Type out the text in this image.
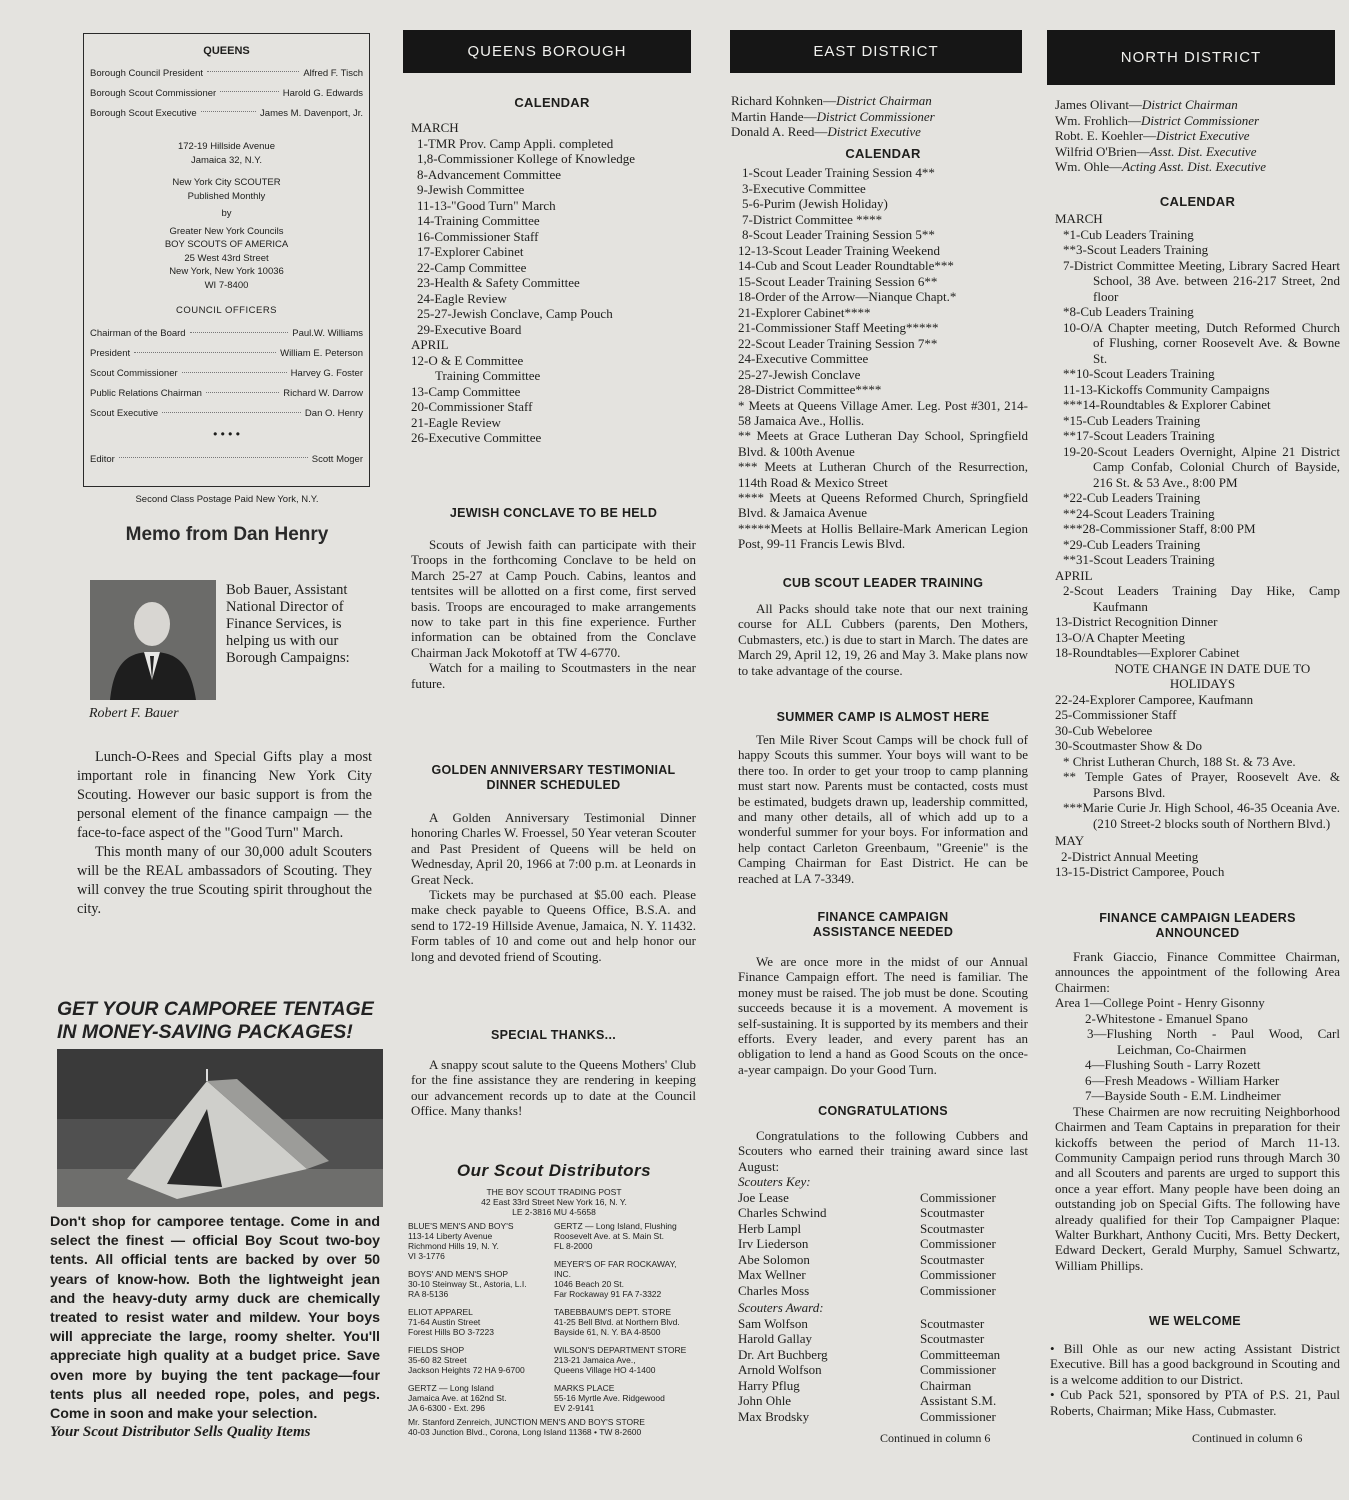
QUEENS
Borough Council President	Alfred F. Tisch
Borough Scout Commissioner	Harold G. Edwards
Borough Scout Executive	James M. Davenport, Jr.
172-19 Hillside Avenue
Jamaica 32, N.Y.
New York City SCOUTER
Published Monthly
by
Greater New York Councils
BOY SCOUTS OF AMERICA
25 West 43rd Street
New York, New York 10036
WI 7-8400
COUNCIL OFFICERS
Chairman of the Board	Paul.W. Williams
President	William E. Peterson
Scout Commissioner	Harvey G. Foster
Public Relations Chairman	Richard W. Darrow
Scout Executive	Dan O. Henry
• • • •
Editor	Scott Moger
Second Class Postage Paid New York, N.Y.
Memo from Dan Henry
Bob Bauer, Assistant National Director of Finance Services, is helping us with our Borough Campaigns:
Robert F. Bauer
Lunch-O-Rees and Special Gifts play a most important role in financing New York City Scouting. However our basic support is from the personal element of the finance campaign — the face-to-face aspect of the "Good Turn" March.
This month many of our 30,000 adult Scouters will be the REAL ambassadors of Scouting. They will convey the true Scouting spirit throughout the city.
GET YOUR CAMPOREE TENTAGE
IN MONEY-SAVING PACKAGES!
Don't shop for camporee tentage. Come in and select the finest — official Boy Scout two-boy tents. All official tents are backed by over 50 years of know-how. Both the lightweight jean and the heavy-duty army duck are chemically treated to resist water and mildew. Your boys will appreciate the large, roomy shelter. You'll appreciate high quality at a budget price. Save oven more by buying the tent package—four tents plus all needed rope, poles, and pegs. Come in soon and make your selection.
Your Scout Distributor Sells Quality Items
QUEENS BOROUGH
CALENDAR
MARCH
1-TMR Prov. Camp Appli. completed
1,8-Commissioner Kollege of Knowledge
8-Advancement Committee
9-Jewish Committee
11-13-"Good Turn" March
14-Training Committee
16-Commissioner Staff
17-Explorer Cabinet
22-Camp Committee
23-Health & Safety Committee
24-Eagle Review
25-27-Jewish Conclave, Camp Pouch
29-Executive Board
APRIL
12-O & E Committee
Training Committee
13-Camp Committee
20-Commissioner Staff
21-Eagle Review
26-Executive Committee
JEWISH CONCLAVE TO BE HELD
Scouts of Jewish faith can participate with their Troops in the forthcoming Conclave to be held on March 25-27 at Camp Pouch. Cabins, leantos and tentsites will be allotted on a first come, first served basis. Troops are encouraged to make arrangements now to take part in this fine experience. Further information can be obtained from the Conclave Chairman Jack Mokotoff at TW 4-6770.
Watch for a mailing to Scoutmasters in the near future.
GOLDEN ANNIVERSARY TESTIMONIAL
DINNER SCHEDULED
A Golden Anniversary Testimonial Dinner honoring Charles W. Froessel, 50 Year veteran Scouter and Past President of Queens will be held on Wednesday, April 20, 1966 at 7:00 p.m. at Leonards in Great Neck.
Tickets may be purchased at $5.00 each. Please make check payable to Queens Office, B.S.A. and send to 172-19 Hillside Avenue, Jamaica, N. Y. 11432. Form tables of 10 and come out and help honor our long and devoted friend of Scouting.
SPECIAL THANKS...
A snappy scout salute to the Queens Mothers' Club for the fine assistance they are rendering in keeping our advancement records up to date at the Council Office. Many thanks!
Our Scout Distributors
THE BOY SCOUT TRADING POST
42 East 33rd Street New York 16, N. Y.
LE 2-3816 MU 4-5658
BLUE'S MEN'S AND BOY'S
113-14 Liberty Avenue
Richmond Hills 19, N. Y.
VI 3-1776
BOYS' AND MEN'S SHOP
30-10 Steinway St., Astoria, L.I.
RA 8-5136
ELIOT APPAREL
71-64 Austin Street
Forest Hills BO 3-7223
FIELDS SHOP
35-60 82 Street
Jackson Heights 72 HA 9-6700
GERTZ — Long Island
Jamaica Ave. at 162nd St.
JA 6-6300 - Ext. 296
GERTZ — Long Island, Flushing
Roosevelt Ave. at S. Main St.
FL 8-2000
MEYER'S OF FAR ROCKAWAY,
INC.
1046 Beach 20 St.
Far Rockaway 91 FA 7-3322
TABEBBAUM'S DEPT. STORE
41-25 Bell Blvd. at Northern Blvd.
Bayside 61, N. Y. BA 4-8500
WILSON'S DEPARTMENT STORE
213-21 Jamaica Ave.,
Queens Village HO 4-1400
MARKS PLACE
55-16 Myrtle Ave. Ridgewood
EV 2-9141
Mr. Stanford Zenreich, JUNCTION MEN'S AND BOY'S STORE
40-03 Junction Blvd., Corona, Long Island 11368 • TW 8-2600
EAST DISTRICT
Richard Kohnken—District Chairman
Martin Hande—District Commissioner
Donald A. Reed—District Executive
CALENDAR
1-Scout Leader Training Session 4**
3-Executive Committee
5-6-Purim (Jewish Holiday)
7-District Committee ****
8-Scout Leader Training Session 5**
12-13-Scout Leader Training Weekend
14-Cub and Scout Leader Roundtable***
15-Scout Leader Training Session 6**
18-Order of the Arrow—Nianque Chapt.*
21-Explorer Cabinet****
21-Commissioner Staff Meeting*****
22-Scout Leader Training Session 7**
24-Executive Committee
25-27-Jewish Conclave
28-District Committee****
* Meets at Queens Village Amer. Leg. Post #301, 214-58 Jamaica Ave., Hollis.
** Meets at Grace Lutheran Day School, Springfield Blvd. & 100th Avenue
*** Meets at Lutheran Church of the Resurrection, 114th Road & Mexico Street
**** Meets at Queens Reformed Church, Springfield Blvd. & Jamaica Avenue
*****Meets at Hollis Bellaire-Mark American Legion Post, 99-11 Francis Lewis Blvd.
CUB SCOUT LEADER TRAINING
All Packs should take note that our next training course for ALL Cubbers (parents, Den Mothers, Cubmasters, etc.) is due to start in March. The dates are March 29, April 12, 19, 26 and May 3. Make plans now to take advantage of the course.
SUMMER CAMP IS ALMOST HERE
Ten Mile River Scout Camps will be chock full of happy Scouts this summer. Your boys will want to be there too. In order to get your troop to camp planning must start now. Parents must be contacted, costs must be estimated, budgets drawn up, leadership committed, and many other details, all of which add up to a wonderful summer for your boys. For information and help contact Carleton Greenbaum, "Greenie" is the Camping Chairman for East District. He can be reached at LA 7-3349.
FINANCE CAMPAIGN
ASSISTANCE NEEDED
We are once more in the midst of our Annual Finance Campaign effort. The need is familiar. The money must be raised. The job must be done. Scouting succeeds because it is a movement. A movement is self-sustaining. It is supported by its members and their efforts. Every leader, and every parent has an obligation to lend a hand as Good Scouts on the once-a-year campaign. Do your Good Turn.
CONGRATULATIONS
Congratulations to the following Cubbers and Scouters who earned their training award since last August:
Scouters Key:
Joe Lease	Commissioner
Charles Schwind	Scoutmaster
Herb Lampl	Scoutmaster
Irv Liederson	Commissioner
Abe Solomon	Scoutmaster
Max Wellner	Commissioner
Charles Moss	Commissioner
Scouters Award:
Sam Wolfson	Scoutmaster
Harold Gallay	Scoutmaster
Dr. Art Buchberg	Committeeman
Arnold Wolfson	Commissioner
Harry Pflug	Chairman
John Ohle	Assistant S.M.
Max Brodsky	Commissioner
Continued in column 6
NORTH DISTRICT
James Olivant—District Chairman
Wm. Frohlich—District Commissioner
Robt. E. Koehler—District Executive
Wilfrid O'Brien—Asst. Dist. Executive
Wm. Ohle—Acting Asst. Dist. Executive
CALENDAR
MARCH
*1-Cub Leaders Training
**3-Scout Leaders Training
7-District Committee Meeting, Library Sacred Heart School, 38 Ave. between 216-217 Street, 2nd floor
*8-Cub Leaders Training
10-O/A Chapter meeting, Dutch Reformed Church of Flushing, corner Roosevelt Ave. & Bowne St.
**10-Scout Leaders Training
11-13-Kickoffs Community Campaigns
***14-Roundtables & Explorer Cabinet
*15-Cub Leaders Training
**17-Scout Leaders Training
19-20-Scout Leaders Overnight, Alpine 21 District Camp Confab, Colonial Church of Bayside, 216 St. & 53 Ave., 8:00 PM
*22-Cub Leaders Training
**24-Scout Leaders Training
***28-Commissioner Staff, 8:00 PM
*29-Cub Leaders Training
**31-Scout Leaders Training
APRIL
2-Scout Leaders Training Day Hike, Camp Kaufmann
13-District Recognition Dinner
13-O/A Chapter Meeting
18-Roundtables—Explorer Cabinet
NOTE CHANGE IN DATE DUE TO
HOLIDAYS
22-24-Explorer Camporee, Kaufmann
25-Commissioner Staff
30-Cub Webeloree
30-Scoutmaster Show & Do
* Christ Lutheran Church, 188 St. & 73 Ave.
** Temple Gates of Prayer, Roosevelt Ave. & Parsons Blvd.
***Marie Curie Jr. High School, 46-35 Oceania Ave. (210 Street-2 blocks south of Northern Blvd.)
MAY
2-District Annual Meeting
13-15-District Camporee, Pouch
FINANCE CAMPAIGN LEADERS
ANNOUNCED
Frank Giaccio, Finance Committee Chairman, announces the appointment of the following Area Chairmen:
Area 1—College Point - Henry Gisonny
2-Whitestone - Emanuel Spano
3—Flushing North - Paul Wood, Carl Leichman, Co-Chairmen
4—Flushing South - Larry Rozett
6—Fresh Meadows - William Harker
7—Bayside South - E.M. Lindheimer
These Chairmen are now recruiting Neighborhood Chairmen and Team Captains in preparation for their kickoffs between the period of March 11-13. Community Campaign period runs through March 30 and all Scouters and parents are urged to support this once a year effort. Many people have been doing an outstanding job on Special Gifts. The following have already qualified for their Top Campaigner Plaque: Walter Burkhart, Anthony Cuciti, Mrs. Betty Deckert, Edward Deckert, Gerald Murphy, Samuel Schwartz, William Phillips.
WE WELCOME
• Bill Ohle as our new acting Assistant District Executive. Bill has a good background in Scouting and is a welcome addition to our District.
• Cub Pack 521, sponsored by PTA of P.S. 21, Paul Roberts, Chairman; Mike Hass, Cubmaster.
Continued in column 6
